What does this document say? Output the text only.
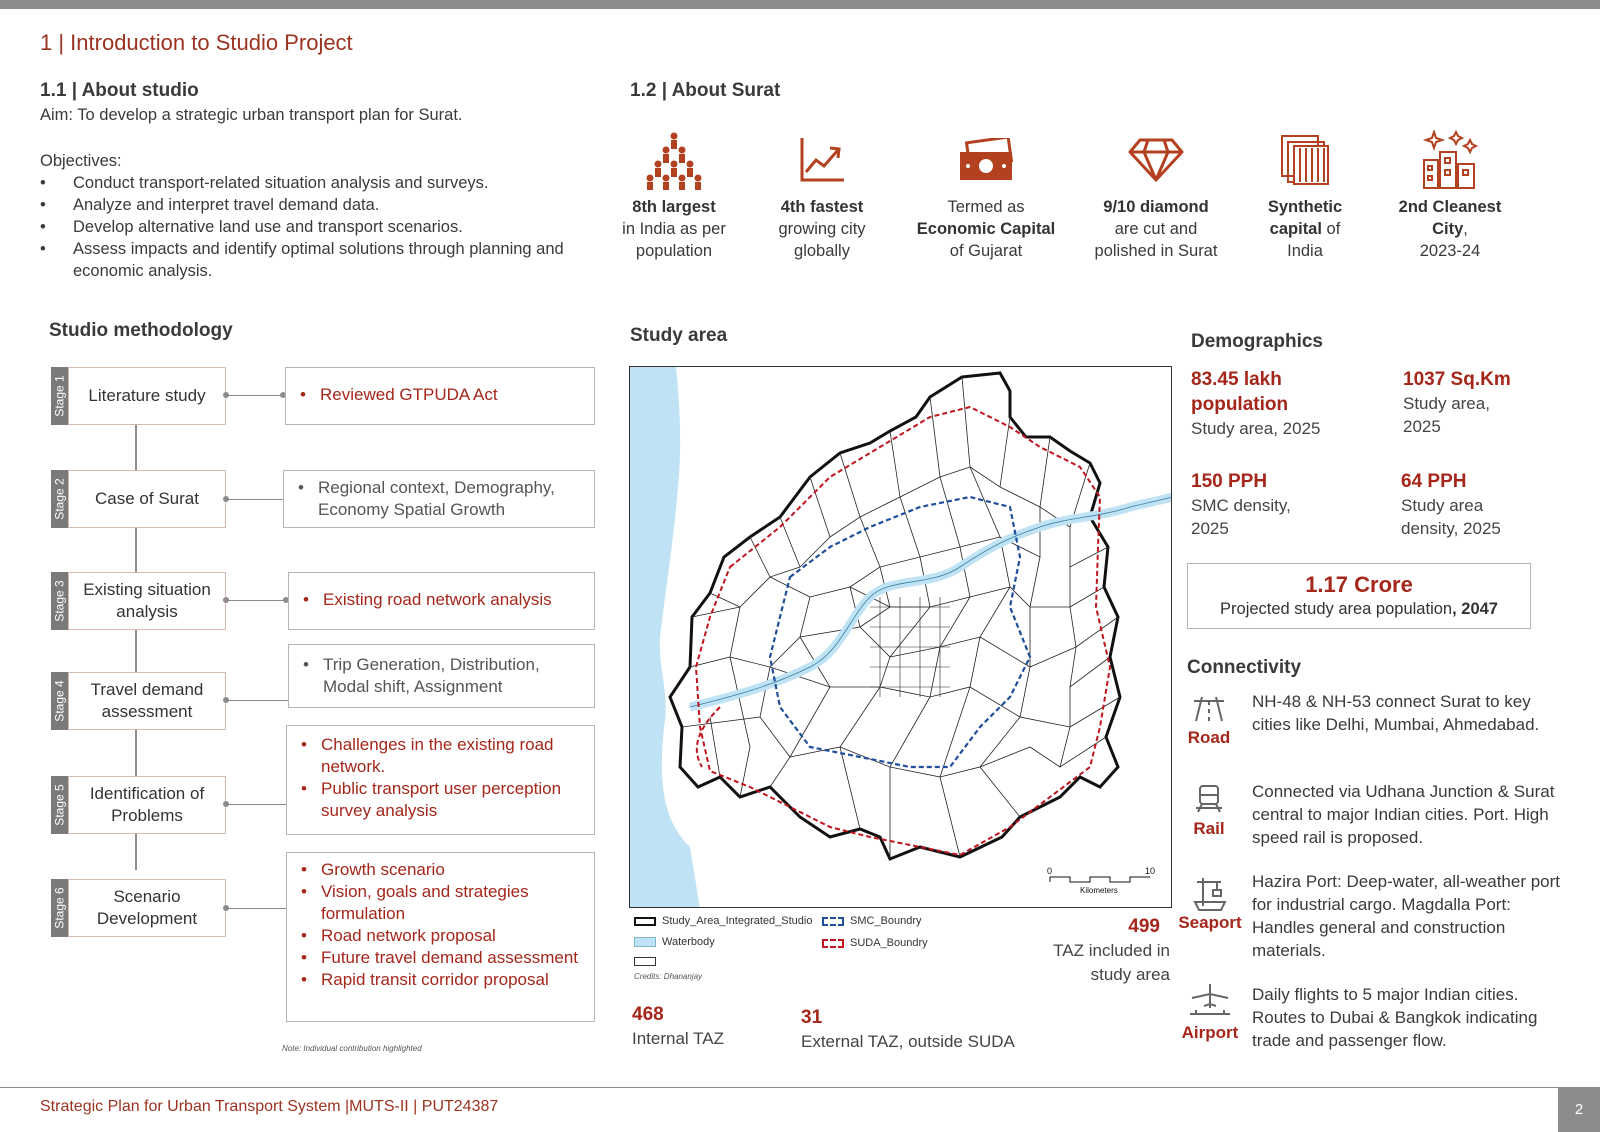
1 | Introduction to Studio Project
1.1 | About studio
Aim: To develop a strategic urban transport plan for Surat.
Objectives:
• Conduct transport-related situation analysis and surveys.
• Analyze and interpret travel demand data.
• Develop alternative land use and transport scenarios.
• Assess impacts and identify optimal solutions through planning and economic analysis.
1.2 | About Surat
8th largest
in India as per
population
4th fastest
growing city
globally
Termed as
Economic Capital
of Gujarat
9/10 diamond
are cut and
polished in Surat
Synthetic
capital of
India
2nd Cleanest
City,
2023-24
Studio methodology
Stage 1	Literature study
•	Reviewed GTPUDA Act
Stage 2	Case of Surat
• Regional context, Demography, Economy Spatial Growth
Stage 3 Existing situation analysis
• Existing road network analysis
Stage 4	Travel demand assessment
• Trip Generation, Distribution, Modal shift, Assignment
Stage 5	Identification of Problems
• Challenges in the existing road network.
• Public transport user perception survey analysis
Stage 6	Scenario Development
• Growth scenario
• Vision, goals and strategies formulation
• Road network proposal
• Future travel demand assessment
• Rapid transit corridor proposal
Note: Individual contribution highlighted
Study area
0	10
Kilometers
Study_Area_Integrated_Studio	SMC_Boundry
Waterbody	SUDA_Boundry
Credits: Dhananjay
499
TAZ included in study area
468
Internal TAZ
31
External TAZ, outside SUDA
Demographics
83.45 lakh population
Study area, 2025
1037 Sq.Km
Study area, 2025
150 PPH
SMC density, 2025
64 PPH
Study area density, 2025
1.17 Crore
Projected study area population, 2047
Connectivity
Road
NH-48 & NH-53 connect Surat to key cities like Delhi, Mumbai, Ahmedabad.
Rail
Connected via Udhana Junction & Surat central to major Indian cities. Port. High speed rail is proposed.
Seaport
Hazira Port: Deep-water, all-weather port for industrial cargo. Magdalla Port: Handles general and construction materials.
Airport
Daily flights to 5 major Indian cities. Routes to Dubai & Bangkok indicating trade and passenger flow.
Strategic Plan for Urban Transport System |MUTS-II | PUT24387	2
